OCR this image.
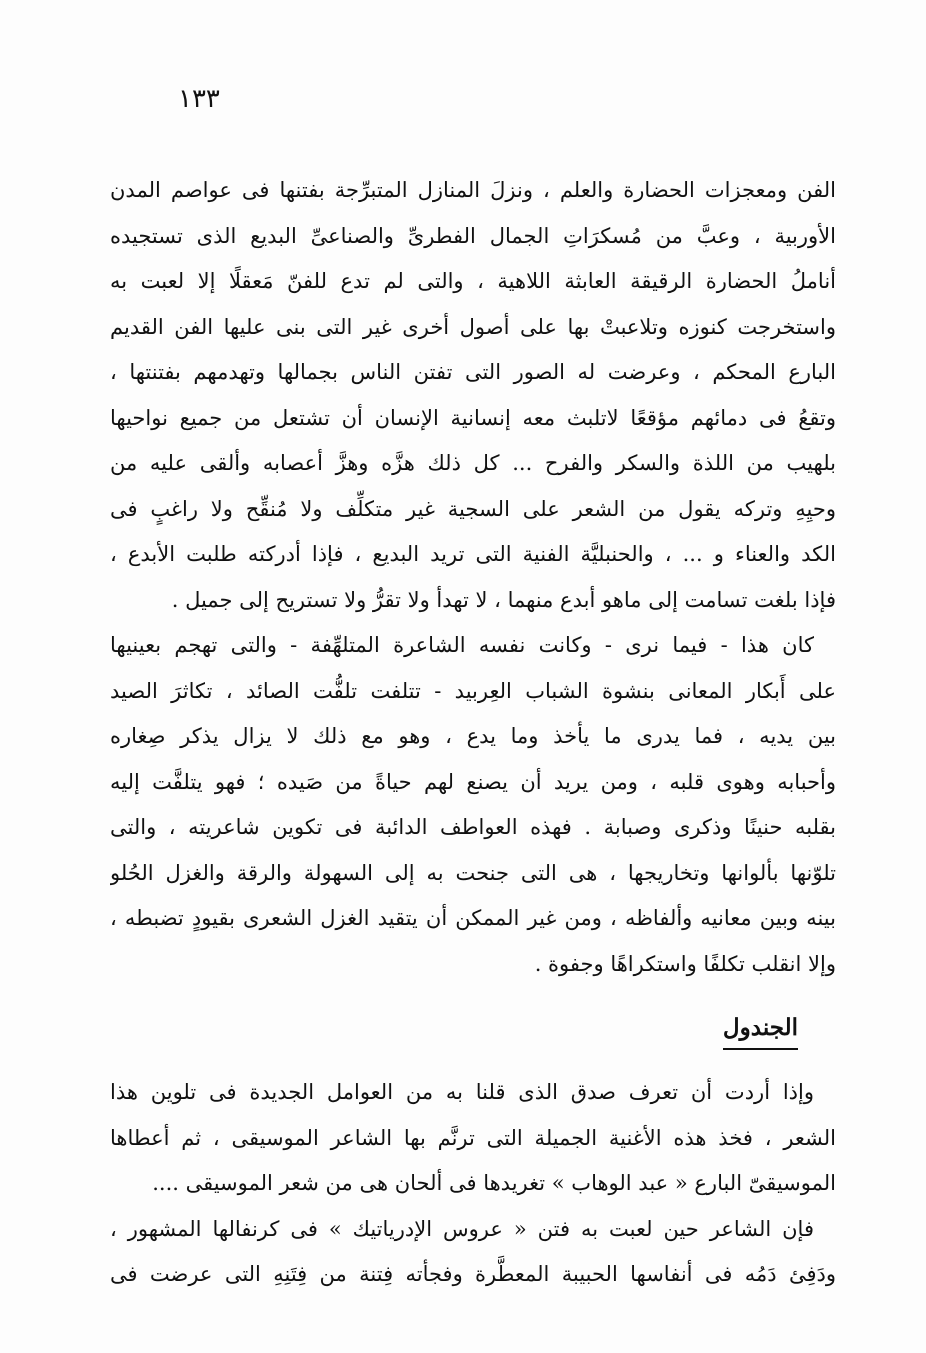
١٣٣
الفن ومعجزات الحضارة والعلم ، ونزلَ المنازل المتبرِّجة بفتنها فى عواصم المدن
الأوربية ، وعبَّ من مُسكرَاتِ الجمال الفطرىِّ والصناعىِّ البديع الذى تستجيده
أناملُ الحضارة الرقيقة العابثة اللاهية ، والتى لم تدع للفنّ مَعقلًا إلا لعبت به
واستخرجت كنوزه وتلاعبتْ بها على أصول أخرى غير التى بنى عليها الفن القديم
البارع المحكم ، وعرضت له الصور التى تفتن الناس بجمالها وتهدمهم بفتنتها ،
وتقعُ فى دمائهم مؤقعًا لاتلبث معه إنسانية الإنسان أن تشتعل من جميع نواحيها
بلهيب من اللذة والسكر والفرح ... كل ذلك هزَّه وهزَّ أعصابه وألقى عليه من
وحيِهِ وتركه يقول من الشعر على السجية غير متكلِّف ولا مُنقِّح ولا راغبٍ فى
الكد والعناء و ... ، والحنبليَّة الفنية التى تريد البديع ، فإذا أدركته طلبت الأبدع ،
فإذا بلغت تسامت إلى ماهو أبدع منهما ، لا تهدأ ولا تقرُّ ولا تستريح إلى جميل .
كان هذا - فيما نرى - وكانت نفسه الشاعرة المتلهِّفة - والتى تهجم بعينيها
على أَبكار المعانى بنشوة الشباب العِربيد - تتلفت تلفُّت الصائد ، تكاثرَ الصيد
بين يديه ، فما يدرى ما يأخذ وما يدع ، وهو مع ذلك لا يزال يذكر صِغاره
وأحبابه وهوى قلبه ، ومن يريد أن يصنع لهم حياةً من صَيده ؛ فهو يتلفَّت إليه
بقلبه حنينًا وذكرى وصبابة . فهذه العواطف الدائبة فى تكوين شاعريته ، والتى
تلوّنها بألوانها وتخاريجها ، هى التى جنحت به إلى السهولة والرقة والغزل الحُلو
بينه وبين معانيه وألفاظه ، ومن غير الممكن أن يتقيد الغزل الشعرى بقيودٍ تضبطه ،
وإلا انقلب تكلفًا واستكراهًا وجفوة .
الجندول
وإذا أردت أن تعرف صدق الذى قلنا به من العوامل الجديدة فى تلوين هذا
الشعر ، فخذ هذه الأغنية الجميلة التى ترنَّم بها الشاعر الموسيقى ، ثم أعطاها
الموسيقىّ البارع « عبد الوهاب » تغريدها فى ألحان هى من شعر الموسيقى ....
فإن الشاعر حين لعبت به فتن « عروس الإدرياتيك » فى كرنفالها المشهور ،
ودَفِئ دَمُه فى أنفاسها الحبيبة المعطَّرة وفجأته فِتنة من فِتَنِهِ التى عرضت فى
